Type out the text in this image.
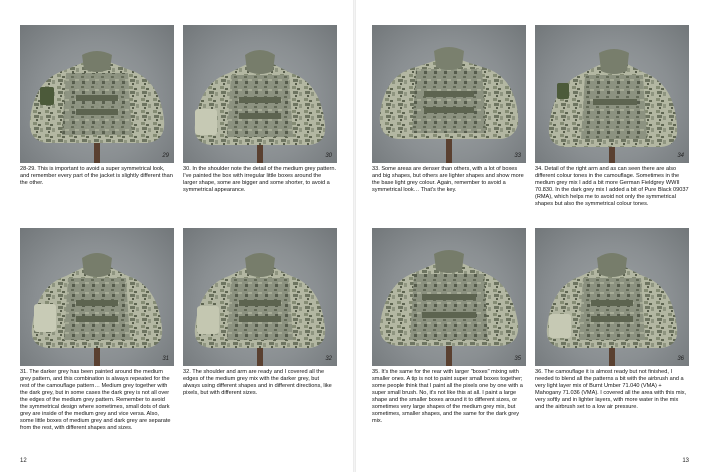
29
28-29. This is important to avoid a super symmetrical look, and remember every part of the jacket is slightly different than the other.
30
30. In the shoulder note the detail of the medium grey pattern. I've painted the box with irregular little boxes around the larger shape, some are bigger and some shorter, to avoid a symmetrical appearance.
31
31. The darker grey has been painted around the medium grey pattern, and this combination is always repeated for the rest of the camouflage pattern… Medium grey together with the dark grey, but in some cases the dark grey is not all over the edges of the medium grey pattern. Remember to avoid the symmetrical design where sometimes, small dots of dark grey are inside of the medium grey and vice versa. Also, some little boxes of medium grey and dark grey are separate from the rest, with different shapes and sizes.
32
32. The shoulder and arm are ready and I covered all the edges of the medium grey mix with the darker grey, but always using different shapes and in different directions, like pixels, but with different sizes.
33
33. Some areas are denser than others, with a lot of boxes and big shapes, but others are lighter shapes and show more the base light grey colour. Again, remember to avoid a symmetrical look… That's the key.
34
34. Detail of the right arm and as can seen there are also different colour tones in the camouflage. Sometimes in the medium grey mix I add a bit more German Fieldgrey WWII 70.830. In the dark grey mix I added a bit of Pure Black 09037 (RMA), which helps me to avoid not only the symmetrical shapes but also the symmetrical colour tones.
35
35. It's the same for the rear with larger "boxes" mixing with smaller ones. A tip is not to paint super small boxes together; some people think that I paint all the pixels one by one with a super small brush. No, it's not like this at all. I paint a large shape and the smaller boxes around it to different sizes, or sometimes very large shapes of the medium grey mix, but sometimes, smaller shapes, and the same for the dark grey mix.
36
36. The camouflage it is almost ready but not finished, I needed to blend all the patterns a bit with the airbrush and a very light layer mix of Burnt Umber 71.040 (VMA) + Mahogany 71.036 (VMA). I covered all the area with this mix, very softly and in lighter layers, with more water in the mix and the airbrush set to a low air pressure.
12	13
